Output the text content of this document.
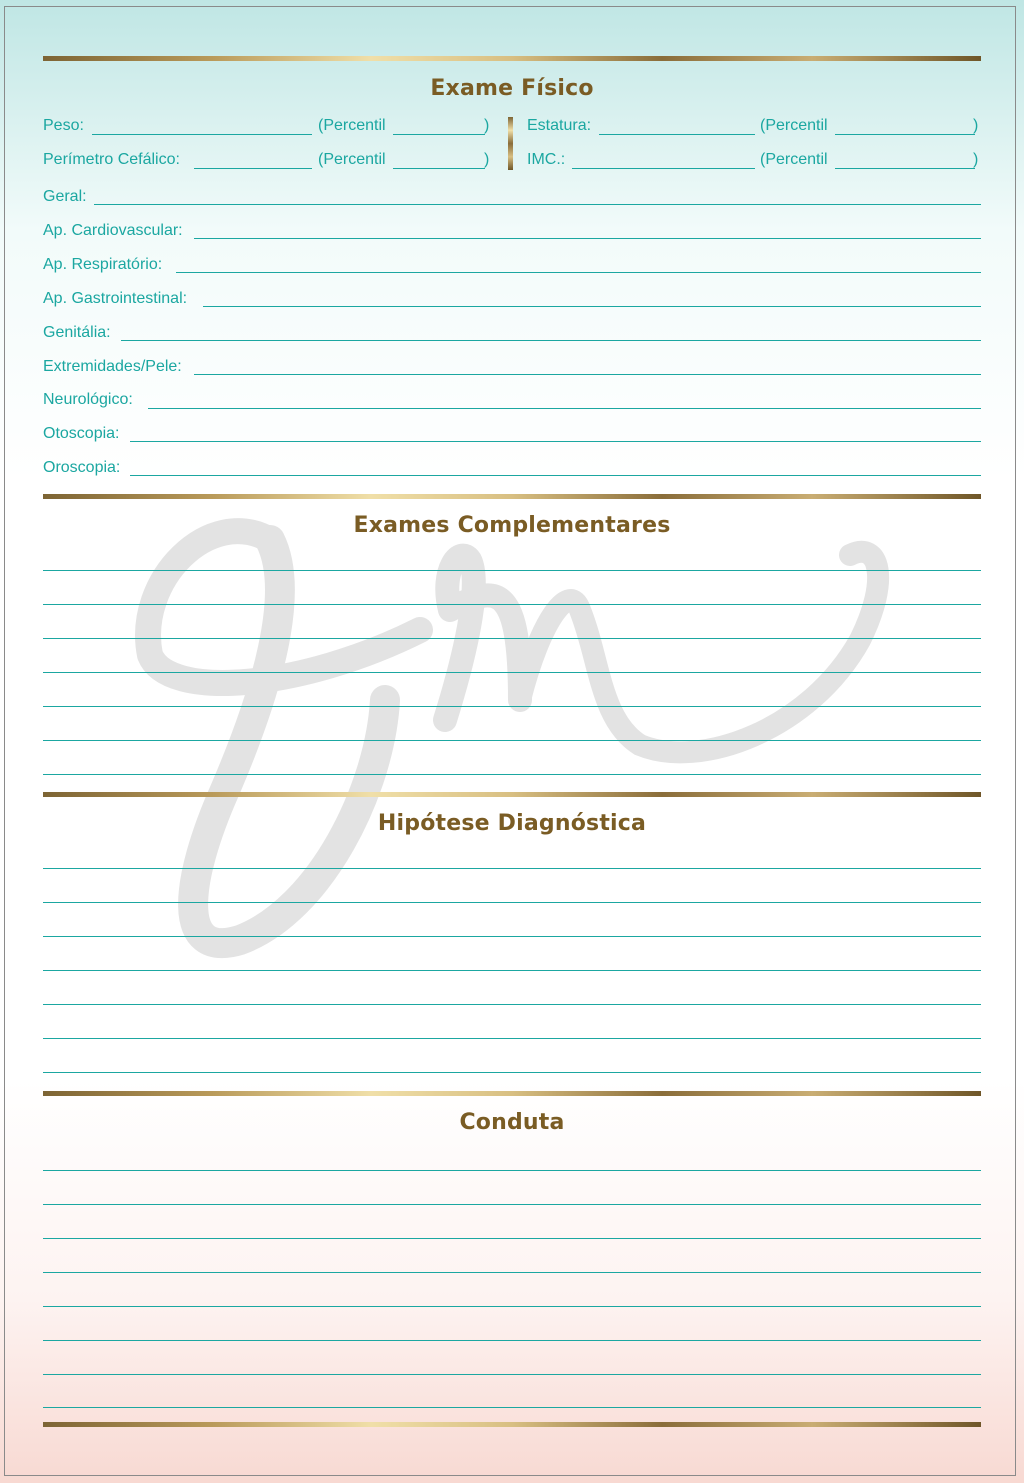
Exame Físico
Peso:	(Percentil	) Estatura:	(Percentil	)
Perímetro Cefálico:	(Percentil	) IMC.:	(Percentil	)
Geral:
Ap. Cardiovascular:
Ap. Respiratório:
Ap. Gastrointestinal:
Genitália:
Extremidades/Pele:
Neurológico:
Otoscopia:
Oroscopia:
Exames Complementares
Hipótese Diagnóstica
Conduta
